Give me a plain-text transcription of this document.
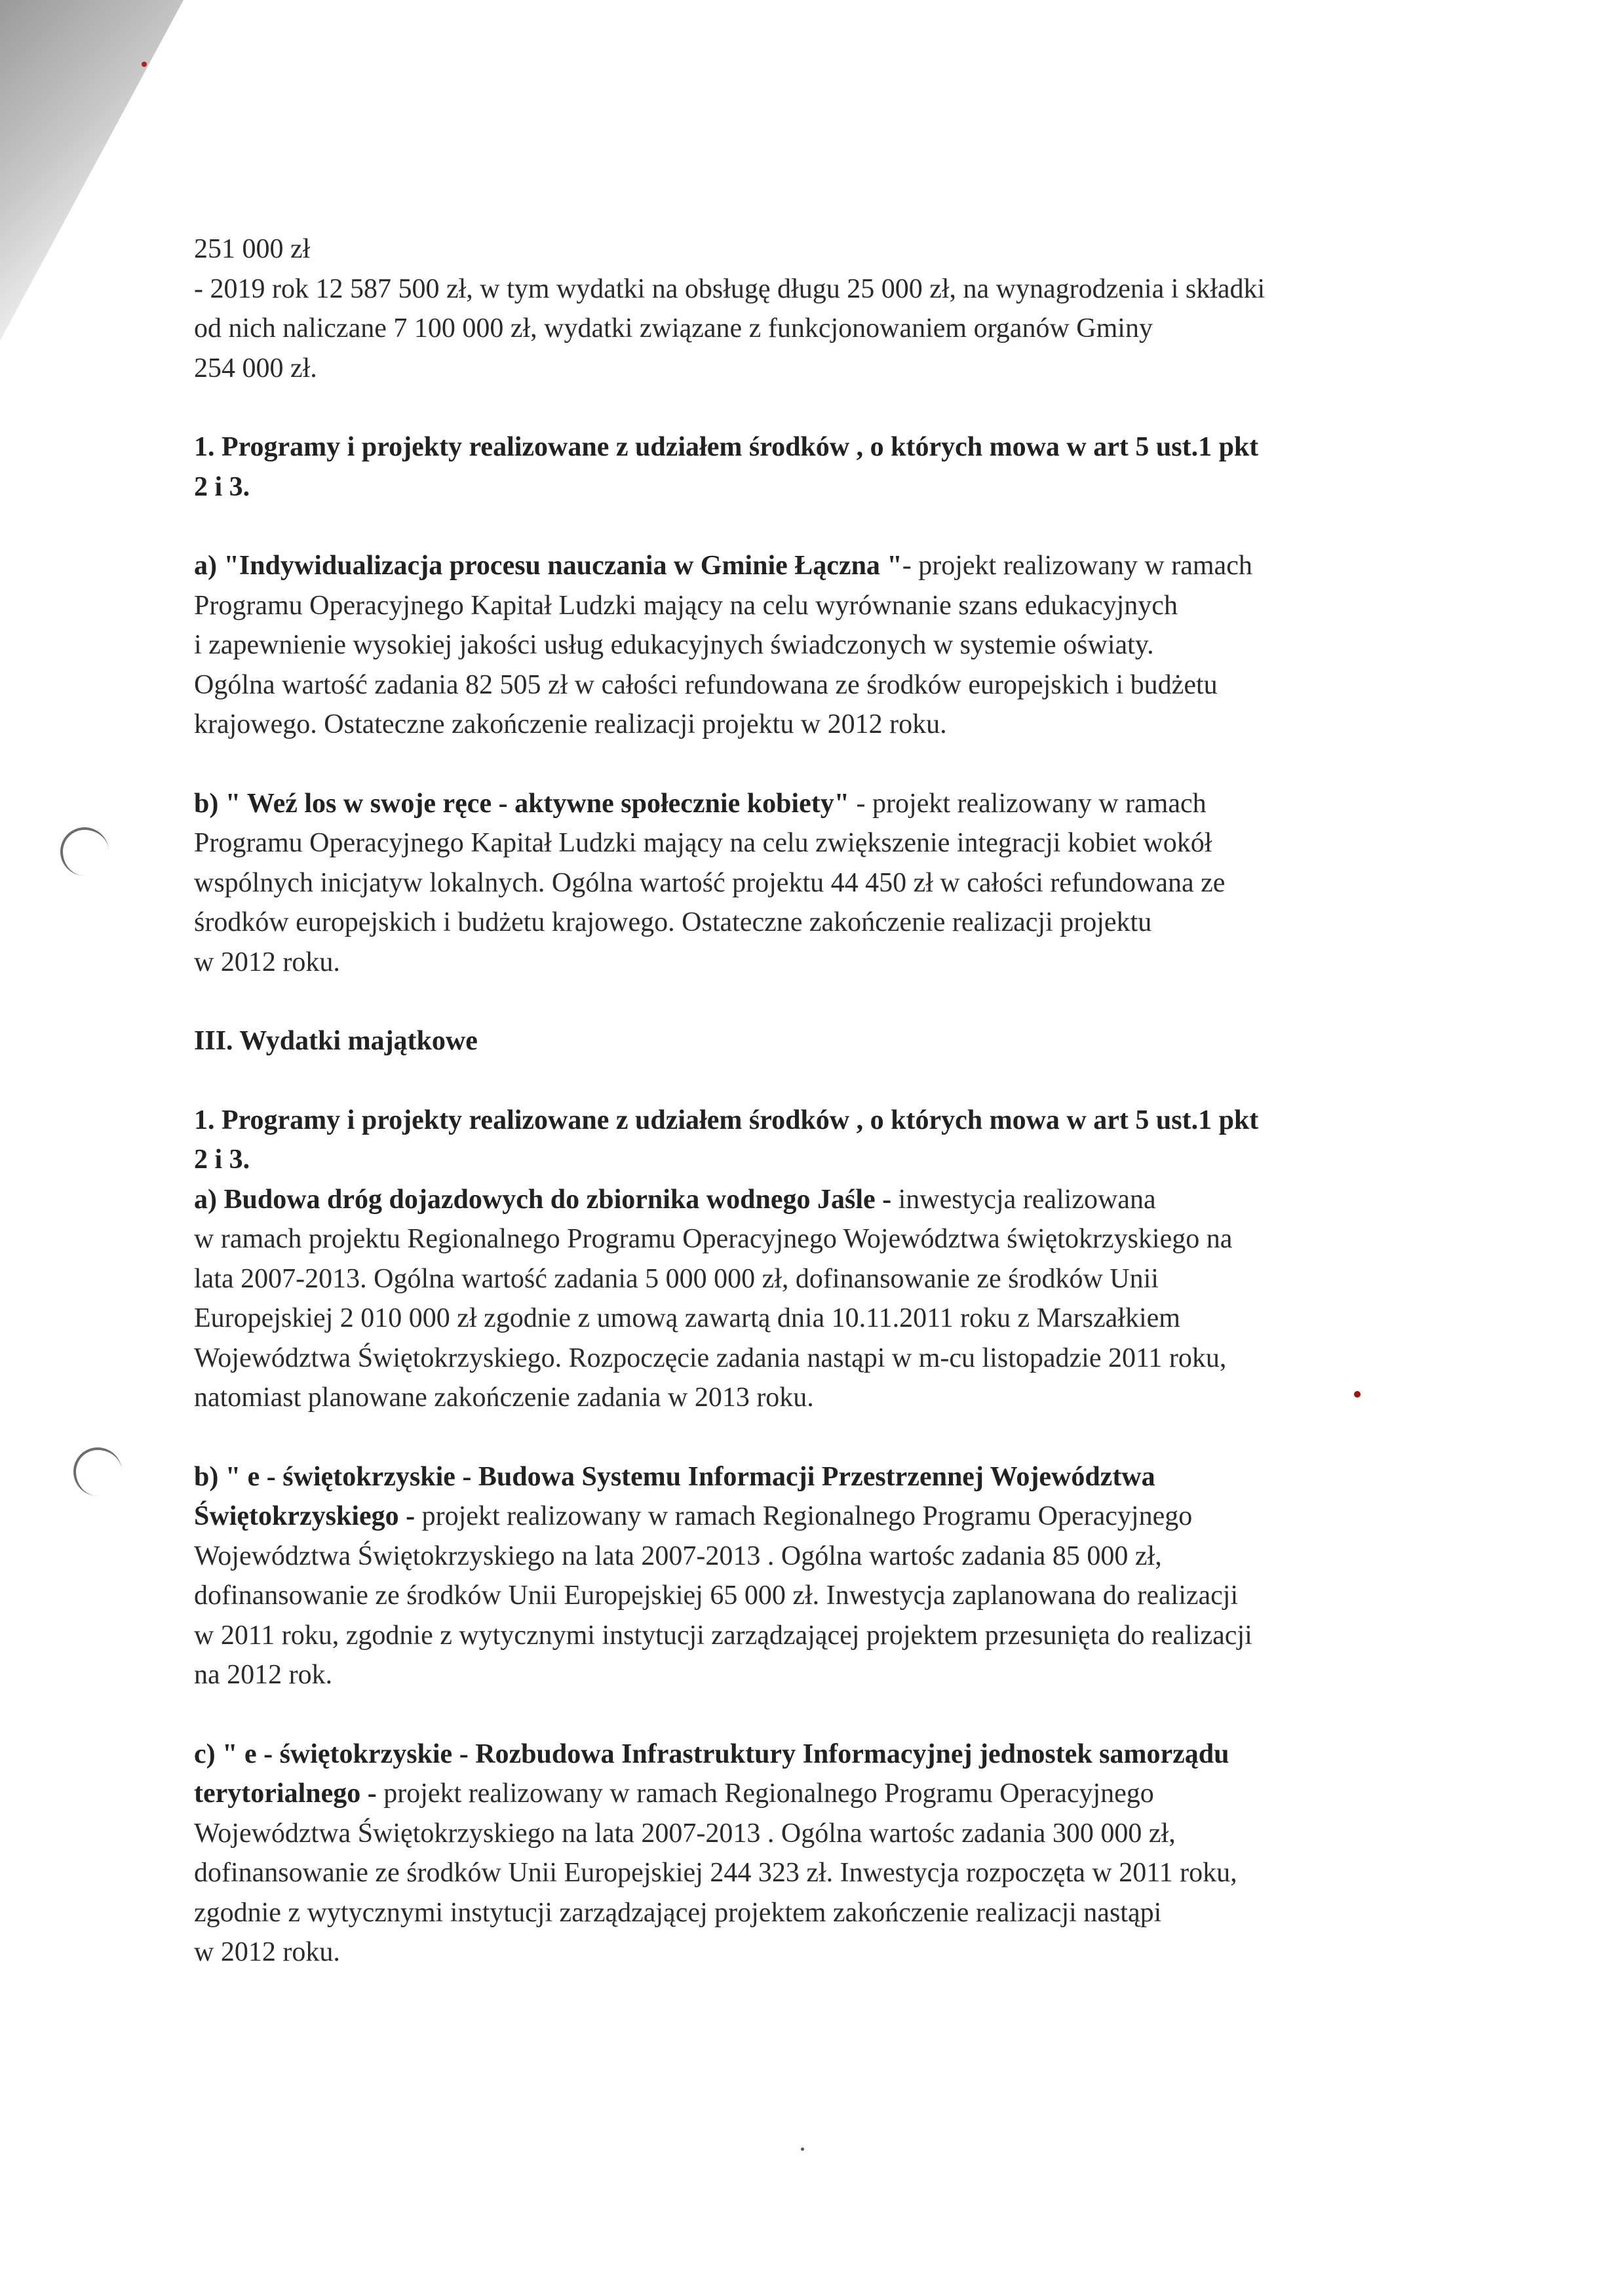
251 000 zł
- 2019 rok 12 587 500 zł, w tym wydatki na obsługę długu 25 000 zł, na wynagrodzenia i składki
od nich naliczane 7 100 000 zł, wydatki związane z funkcjonowaniem organów Gminy
254 000 zł.

1. Programy i projekty realizowane z udziałem środków , o których mowa w art 5 ust.1 pkt
2 i 3.

a) "Indywidualizacja procesu nauczania w Gminie Łączna "- projekt realizowany w ramach
Programu Operacyjnego Kapitał Ludzki mający na celu wyrównanie szans edukacyjnych
i zapewnienie wysokiej jakości usług edukacyjnych świadczonych w systemie oświaty.
Ogólna wartość zadania 82 505 zł w całości refundowana ze środków europejskich i budżetu
krajowego. Ostateczne zakończenie realizacji projektu w 2012 roku.

b) " Weź los w swoje ręce - aktywne społecznie kobiety" - projekt realizowany w ramach
Programu Operacyjnego Kapitał Ludzki mający na celu zwiększenie integracji kobiet wokół
wspólnych inicjatyw lokalnych. Ogólna wartość projektu 44 450 zł w całości refundowana ze
środków europejskich i budżetu krajowego. Ostateczne zakończenie realizacji projektu
w 2012 roku.

III. Wydatki majątkowe

1. Programy i projekty realizowane z udziałem środków , o których mowa w art 5 ust.1 pkt
2 i 3.
a) Budowa dróg dojazdowych do zbiornika wodnego Jaśle - inwestycja realizowana
w ramach projektu Regionalnego Programu Operacyjnego Województwa świętokrzyskiego na
lata 2007-2013. Ogólna wartość zadania 5 000 000 zł, dofinansowanie ze środków Unii
Europejskiej 2 010 000 zł zgodnie z umową zawartą dnia 10.11.2011 roku z Marszałkiem
Województwa Świętokrzyskiego. Rozpoczęcie zadania nastąpi w m-cu listopadzie 2011 roku,
natomiast planowane zakończenie zadania w 2013 roku.

b) " e - świętokrzyskie - Budowa Systemu Informacji Przestrzennej Województwa
Świętokrzyskiego - projekt realizowany w ramach Regionalnego Programu Operacyjnego
Województwa Świętokrzyskiego na lata 2007-2013 . Ogólna wartośc zadania 85 000 zł,
dofinansowanie ze środków Unii Europejskiej 65 000 zł. Inwestycja zaplanowana do realizacji
w 2011 roku, zgodnie z wytycznymi instytucji zarządzającej projektem przesunięta do realizacji
na 2012 rok.

c) " e - świętokrzyskie - Rozbudowa Infrastruktury Informacyjnej jednostek samorządu
terytorialnego - projekt realizowany w ramach Regionalnego Programu Operacyjnego
Województwa Świętokrzyskiego na lata 2007-2013 . Ogólna wartośc zadania 300 000 zł,
dofinansowanie ze środków Unii Europejskiej 244 323 zł. Inwestycja rozpoczęta w 2011 roku,
zgodnie z wytycznymi instytucji zarządzającej projektem zakończenie realizacji nastąpi
w 2012 roku.
